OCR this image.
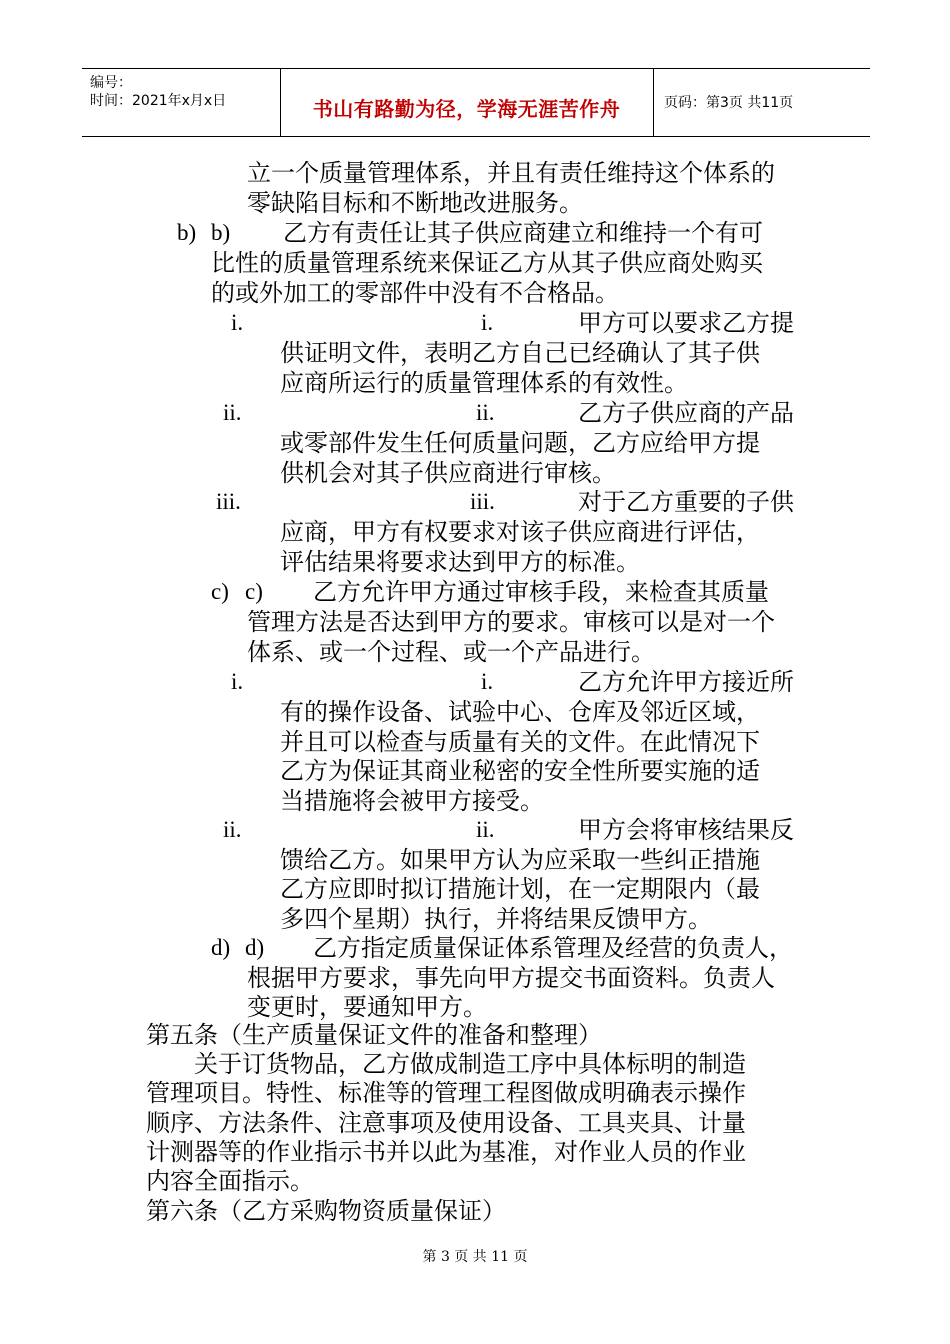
编号：
时间：2021年x月x日	书山有路勤为径，学海无涯苦作舟	页码：第3页 共11页
立一个质量管理体系，并且有责任维持这个体系的
零缺陷目标和不断地改进服务。
b) b) 乙方有责任让其子供应商建立和维持一个有可
比性的质量管理系统来保证乙方从其子供应商处购买
的或外加工的零部件中没有不合格品。
i.	i.	甲方可以要求乙方提
供证明文件，表明乙方自己已经确认了其子供
应商所运行的质量管理体系的有效性。
ii.	ii.	乙方子供应商的产品
或零部件发生任何质量问题，乙方应给甲方提
供机会对其子供应商进行审核。
iii.	iii.	对于乙方重要的子供
应商，甲方有权要求对该子供应商进行评估，
评估结果将要求达到甲方的标准。
c) c) 乙方允许甲方通过审核手段，来检查其质量
管理方法是否达到甲方的要求。审核可以是对一个
体系、或一个过程、或一个产品进行。
i.	i.	乙方允许甲方接近所
有的操作设备、试验中心、仓库及邻近区域，
并且可以检查与质量有关的文件。在此情况下
乙方为保证其商业秘密的安全性所要实施的适
当措施将会被甲方接受。
ii.	ii.	甲方会将审核结果反
馈给乙方。如果甲方认为应采取一些纠正措施
乙方应即时拟订措施计划，在一定期限内（最
多四个星期）执行，并将结果反馈甲方。
d) d) 乙方指定质量保证体系管理及经营的负责人，
根据甲方要求，事先向甲方提交书面资料。负责人
变更时，要通知甲方。
第五条（生产质量保证文件的准备和整理）
关于订货物品，乙方做成制造工序中具体标明的制造
管理项目。特性、标准等的管理工程图做成明确表示操作
顺序、方法条件、注意事项及使用设备、工具夹具、计量
计测器等的作业指示书并以此为基准，对作业人员的作业
内容全面指示。
第六条（乙方采购物资质量保证）
第 3 页 共 11 页
